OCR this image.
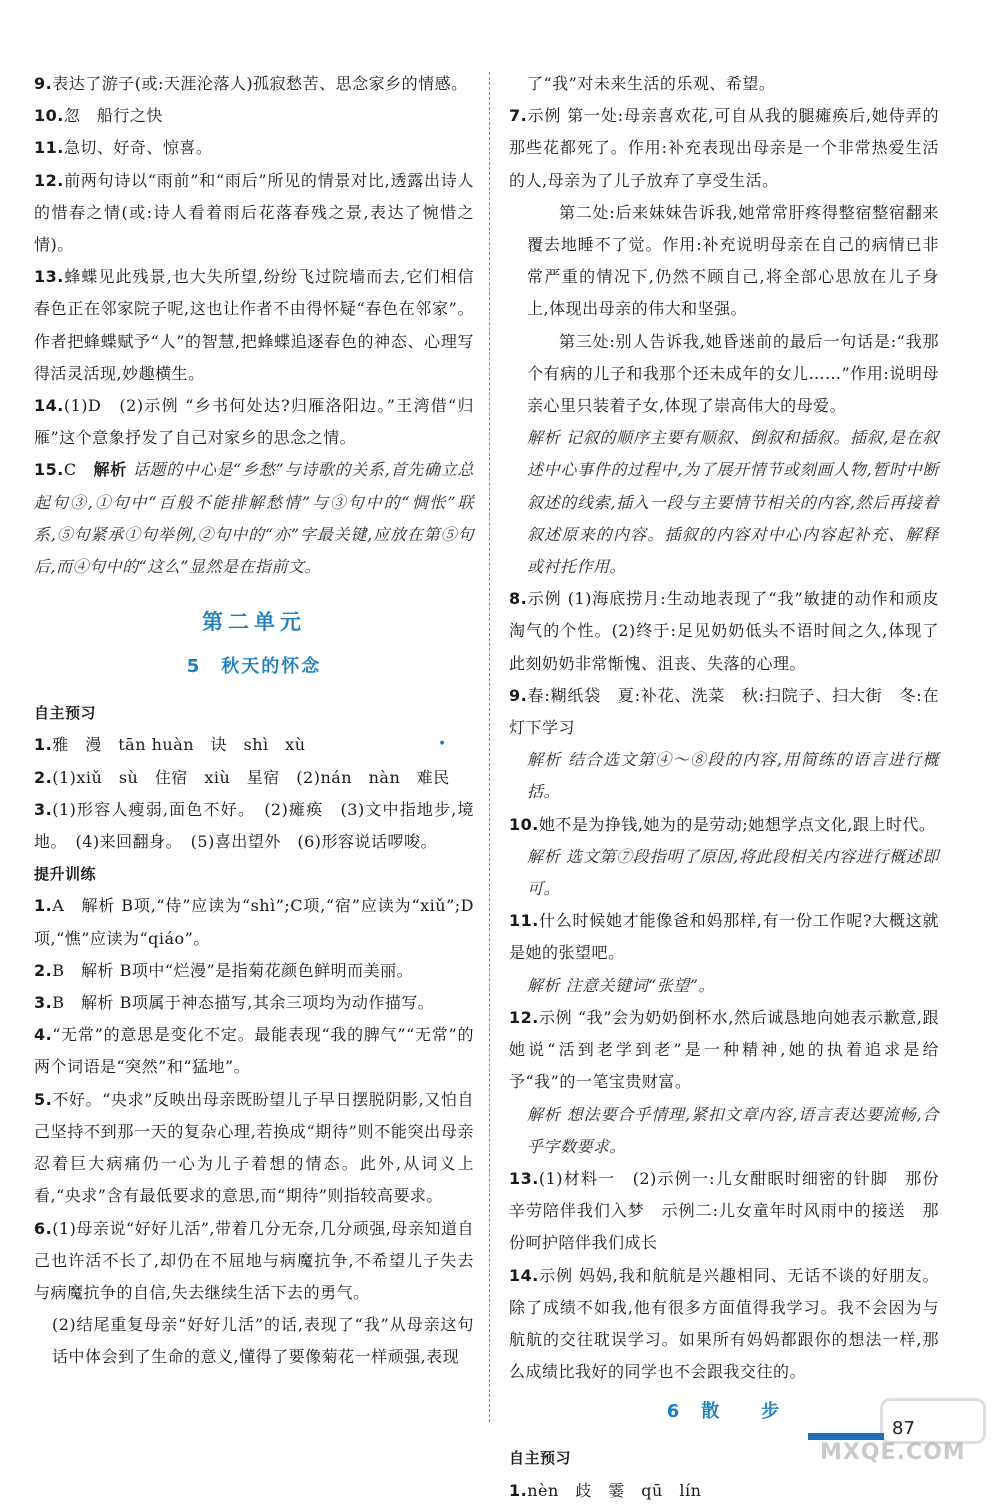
9.表达了游子(或:天涯沦落人)孤寂愁苦、思念家乡的情感。

10.忽　船行之快

11.急切、好奇、惊喜。

12.前两句诗以“雨前”和“雨后”所见的情景对比,透露出诗人的惜春之情(或:诗人看着雨后花落春残之景,表达了惋惜之情)。

13.蜂蝶见此残景,也大失所望,纷纷飞过院墙而去,它们相信春色正在邻家院子呢,这也让作者不由得怀疑“春色在邻家”。作者把蜂蝶赋予“人”的智慧,把蜂蝶追逐春色的神态、心理写得活灵活现,妙趣横生。

14.(1)D　(2)示例 “乡书何处达?归雁洛阳边。”王湾借“归雁”这个意象抒发了自己对家乡的思念之情。

15.C　 解析 话题的中心是“乡愁”与诗歌的关系,首先确立总起句③,①句中“百般不能排解愁情”与③句中的“惆怅”联系,⑤句紧承①句举例,②句中的“亦”字最关键,应放在第⑤句后,而④句中的“这么”显然是在指前文。

第二单元
5　秋天的怀念
自主预习

1.雅　漫　tān huàn　诀　shì　xù

2.(1)xiǔ　sù　住宿　xiù　星宿　(2)nán　nàn　难民

3.(1)形容人瘦弱,面色不好。　(2)瘫痪　(3)文中指地步,境地。　(4)来回翻身。　(5)喜出望外　(6)形容说话啰唆。

提升训练

1.A　解析 B项,“侍”应读为“shì”;C项,“宿”应读为“xiǔ”;D项,“憔”应读为“qiáo”。

2.B　解析 B项中“烂漫”是指菊花颜色鲜明而美丽。

3.B　解析 B项属于神态描写,其余三项均为动作描写。

4.“无常”的意思是变化不定。最能表现“我的脾气”“无常”的两个词语是“突然”和“猛地”。

5.不好。“央求”反映出母亲既盼望儿子早日摆脱阴影,又怕自己坚持不到那一天的复杂心理,若换成“期待”则不能突出母亲忍着巨大病痛仍一心为儿子着想的情态。此外,从词义上看,“央求”含有最低要求的意思,而“期待”则指较高要求。

6.(1)母亲说“好好儿活”,带着几分无奈,几分顽强,母亲知道自己也许活不长了,却仍在不屈地与病魔抗争,不希望儿子失去与病魔抗争的自信,失去继续生活下去的勇气。

(2)结尾重复母亲“好好儿活”的话,表现了“我”从母亲这句话中体会到了生命的意义,懂得了要像菊花一样顽强,表现

•

了“我”对未来生活的乐观、希望。

7.示例 第一处:母亲喜欢花,可自从我的腿瘫痪后,她侍弄的那些花都死了。作用:补充表现出母亲是一个非常热爱生活的人,母亲为了儿子放弃了享受生活。

第二处:后来妹妹告诉我,她常常肝疼得整宿整宿翻来覆去地睡不了觉。作用:补充说明母亲在自己的病情已非常严重的情况下,仍然不顾自己,将全部心思放在儿子身上,体现出母亲的伟大和坚强。

第三处:别人告诉我,她昏迷前的最后一句话是:“我那个有病的儿子和我那个还未成年的女儿……”作用:说明母亲心里只装着子女,体现了崇高伟大的母爱。

解析 记叙的顺序主要有顺叙、倒叙和插叙。插叙,是在叙述中心事件的过程中,为了展开情节或刻画人物,暂时中断叙述的线索,插入一段与主要情节相关的内容,然后再接着叙述原来的内容。插叙的内容对中心内容起补充、解释或衬托作用。

8.示例 (1)海底捞月:生动地表现了“我”敏捷的动作和顽皮淘气的个性。(2)终于:足见奶奶低头不语时间之久,体现了此刻奶奶非常惭愧、沮丧、失落的心理。

9.春:糊纸袋　夏:补花、洗菜　秋:扫院子、扫大街　冬:在灯下学习

解析 结合选文第④～⑧段的内容,用简练的语言进行概括。

10.她不是为挣钱,她为的是劳动;她想学点文化,跟上时代。

解析 选文第⑦段指明了原因,将此段相关内容进行概述即可。

11.什么时候她才能像爸和妈那样,有一份工作呢?大概这就是她的张望吧。

解析 注意关键词“张望”。

12.示例 “我”会为奶奶倒杯水,然后诚恳地向她表示歉意,跟她说“活到老学到老”是一种精神,她的执着追求是给予“我”的一笔宝贵财富。

解析 想法要合乎情理,紧扣文章内容,语言表达要流畅,合乎字数要求。

13.(1)材料一　(2)示例一:儿女酣眠时细密的针脚　那份辛劳陪伴我们入梦　示例二:儿女童年时风雨中的接送　那份呵护陪伴我们成长

14.示例 妈妈,我和航航是兴趣相同、无话不谈的好朋友。除了成绩不如我,他有很多方面值得我学习。我不会因为与航航的交往耽误学习。如果所有妈妈都跟你的想法一样,那么成绩比我好的同学也不会跟我交往的。

6　散　　步
自主预习

1.nèn　歧　霎　qū　lín

87
MXQE.COM
